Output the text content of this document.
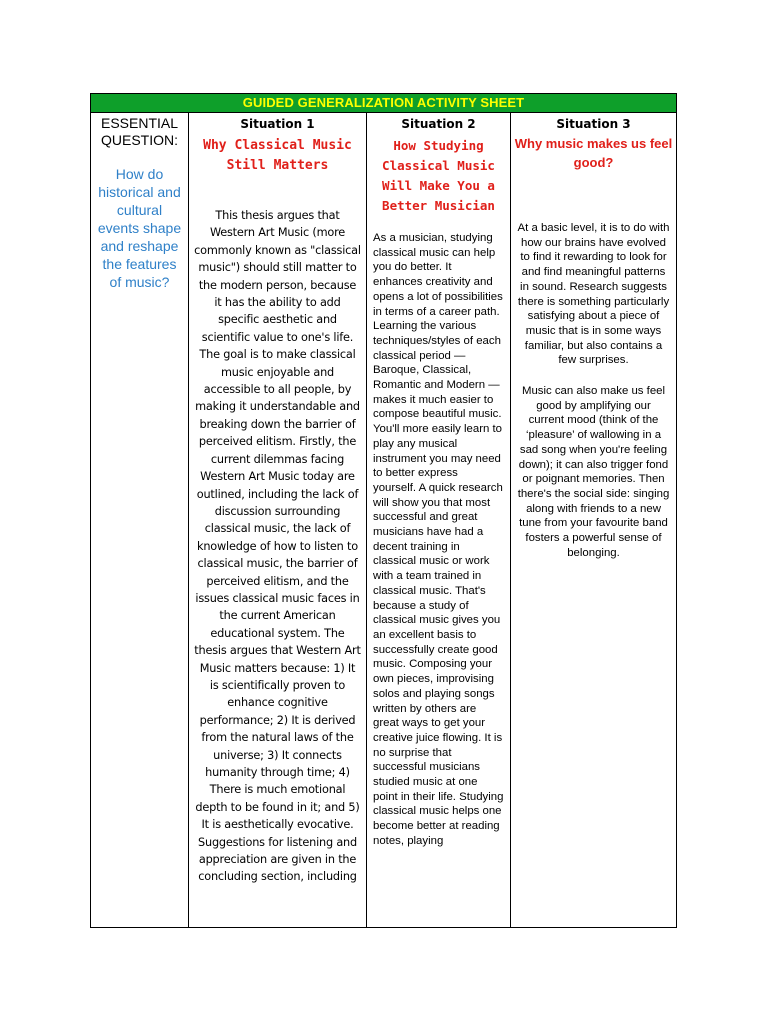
GUIDED GENERALIZATION ACTIVITY SHEET
ESSENTIAL QUESTION:
How do historical and cultural events shape and reshape the features of music?
Situation 1
Why Classical Music Still Matters
This thesis argues that Western Art Music (more commonly known as "classical music") should still matter to the modern person, because it has the ability to add specific aesthetic and scientific value to one's life. The goal is to make classical music enjoyable and accessible to all people, by making it understandable and breaking down the barrier of perceived elitism. Firstly, the current dilemmas facing Western Art Music today are outlined, including the lack of discussion surrounding classical music, the lack of knowledge of how to listen to classical music, the barrier of perceived elitism, and the issues classical music faces in the current American educational system. The thesis argues that Western Art Music matters because: 1) It is scientifically proven to enhance cognitive performance; 2) It is derived from the natural laws of the universe; 3) It connects humanity through time; 4) There is much emotional depth to be found in it; and 5) It is aesthetically evocative. Suggestions for listening and appreciation are given in the concluding section, including
Situation 2
How Studying Classical Music Will Make You a Better Musician
As a musician, studying classical music can help you do better. It enhances creativity and opens a lot of possibilities in terms of a career path. Learning the various techniques/styles of each classical period — Baroque, Classical, Romantic and Modern — makes it much easier to compose beautiful music. You'll more easily learn to play any musical instrument you may need to better express yourself. A quick research will show you that most successful and great musicians have had a decent training in classical music or work with a team trained in classical music. That's because a study of classical music gives you an excellent basis to successfully create good music. Composing your own pieces, improvising solos and playing songs written by others are great ways to get your creative juice flowing. It is no surprise that successful musicians studied music at one point in their life. Studying classical music helps one become better at reading notes, playing
Situation 3
Why music makes us feel good?

At a basic level, it is to do with how our brains have evolved to find it rewarding to look for and find meaningful patterns in sound. Research suggests there is something particularly satisfying about a piece of music that is in some ways familiar, but also contains a few surprises.

Music can also make us feel good by amplifying our current mood (think of the ‘pleasure’ of wallowing in a sad song when you're feeling down); it can also trigger fond or poignant memories. Then there's the social side: singing along with friends to a new tune from your favourite band fosters a powerful sense of belonging.
